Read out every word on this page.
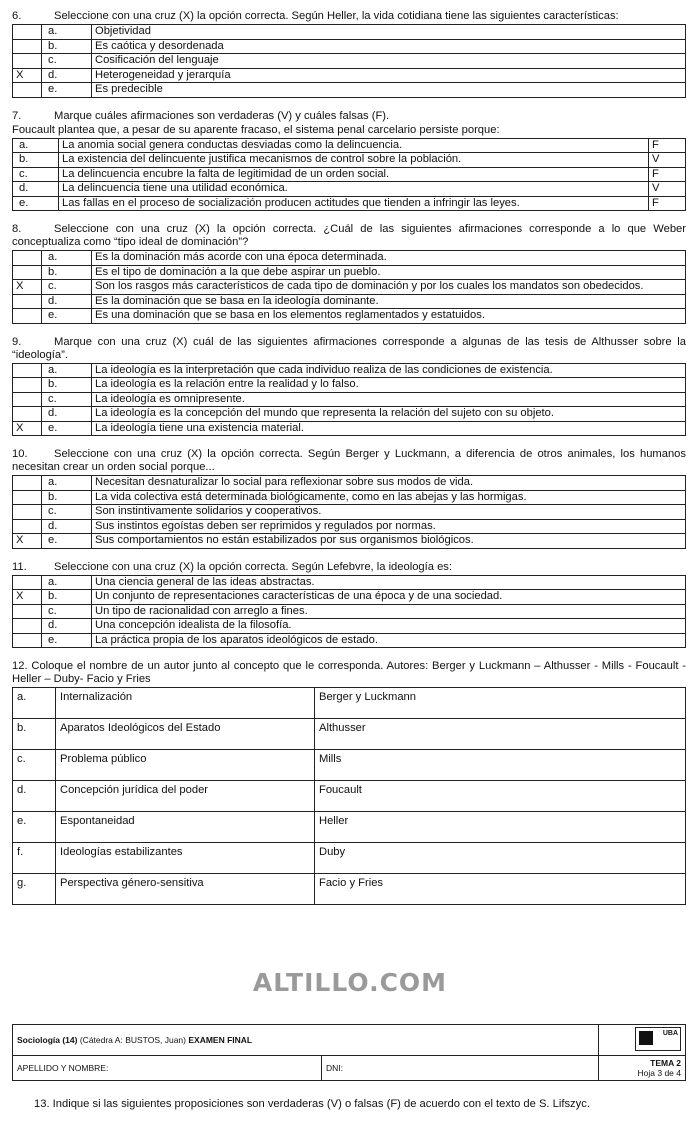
6.	Seleccione con una cruz (X) la opción correcta. Según Heller, la vida cotidiana tiene las siguientes características:
	a.	Objetividad
	b.	Es caótica y desordenada
	c.	Cosificación del lenguaje
X	d.	Heterogeneidad y jerarquía
	e.	Es predecible
7.	Marque cuáles afirmaciones son verdaderas (V) y cuáles falsas (F).
Foucault plantea que, a pesar de su aparente fracaso, el sistema penal carcelario persiste porque:
a.	La anomia social genera conductas desviadas como la delincuencia.	F
b.	La existencia del delincuente justifica mecanismos de control sobre la población.	V
c.	La delincuencia encubre la falta de legitimidad de un orden social.	F
d.	La delincuencia tiene una utilidad económica.	V
e.	Las fallas en el proceso de socialización producen actitudes que tienden a infringir las leyes.	F
8.	Seleccione con una cruz (X) la opción correcta. ¿Cuál de las siguientes afirmaciones corresponde a lo que Weber conceptualiza como “tipo ideal de dominación”?
	a.	Es la dominación más acorde con una época determinada.
	b.	Es el tipo de dominación a la que debe aspirar un pueblo.
X	c.	Son los rasgos más característicos de cada tipo de dominación y por los cuales los mandatos son obedecidos.
	d.	Es la dominación que se basa en la ideología dominante.
	e.	Es una dominación que se basa en los elementos reglamentados y estatuidos.
9.	Marque con una cruz (X) cuál de las siguientes afirmaciones corresponde a algunas de las tesis de Althusser sobre la “ideología”.
	a.	La ideología es la interpretación que cada individuo realiza de las condiciones de existencia.
	b.	La ideología es la relación entre la realidad y lo falso.
	c.	La ideología es omnipresente.
	d.	La ideología es la concepción del mundo que representa la relación del sujeto con su objeto.
X	e.	La ideología tiene una existencia material.
10. Seleccione con una cruz (X) la opción correcta. Según Berger y Luckmann, a diferencia de otros animales, los humanos necesitan crear un orden social porque...
	a.	Necesitan desnaturalizar lo social para reflexionar sobre sus modos de vida.
	b.	La vida colectiva está determinada biológicamente, como en las abejas y las hormigas.
	c.	Son instintivamente solidarios y cooperativos.
	d.	Sus instintos egoístas deben ser reprimidos y regulados por normas.
X	e.	Sus comportamientos no están estabilizados por sus organismos biológicos.
11. Seleccione con una cruz (X) la opción correcta. Según Lefebvre, la ideología es:
	a.	Una ciencia general de las ideas abstractas.
X	b.	Un conjunto de representaciones características de una época y de una sociedad.
	c.	Un tipo de racionalidad con arreglo a fines.
	d.	Una concepción idealista de la filosofía.
	e.	La práctica propia de los aparatos ideológicos de estado.
12. Coloque el nombre de un autor junto al concepto que le corresponda. Autores: Berger y Luckmann – Althusser - Mills - Foucault - Heller – Duby- Facio y Fries
a.	Internalización	Berger y Luckmann
b.	Aparatos Ideológicos del Estado	Althusser
c.	Problema público	Mills
d.	Concepción jurídica del poder	Foucault
e.	Espontaneidad	Heller
f.	Ideologías estabilizantes	Duby
g.	Perspectiva género-sensitiva	Facio y Fries
ALTILLO.COM
Sociología (14) (Cátedra A: BUSTOS, Juan) EXAMEN FINAL		UBA

APELLIDO Y NOMBRE:	DNI:	TEMA 2
Hoja 3 de 4
13. Indique si las siguientes proposiciones son verdaderas (V) o falsas (F) de acuerdo con el texto de S. Lifszyc.
